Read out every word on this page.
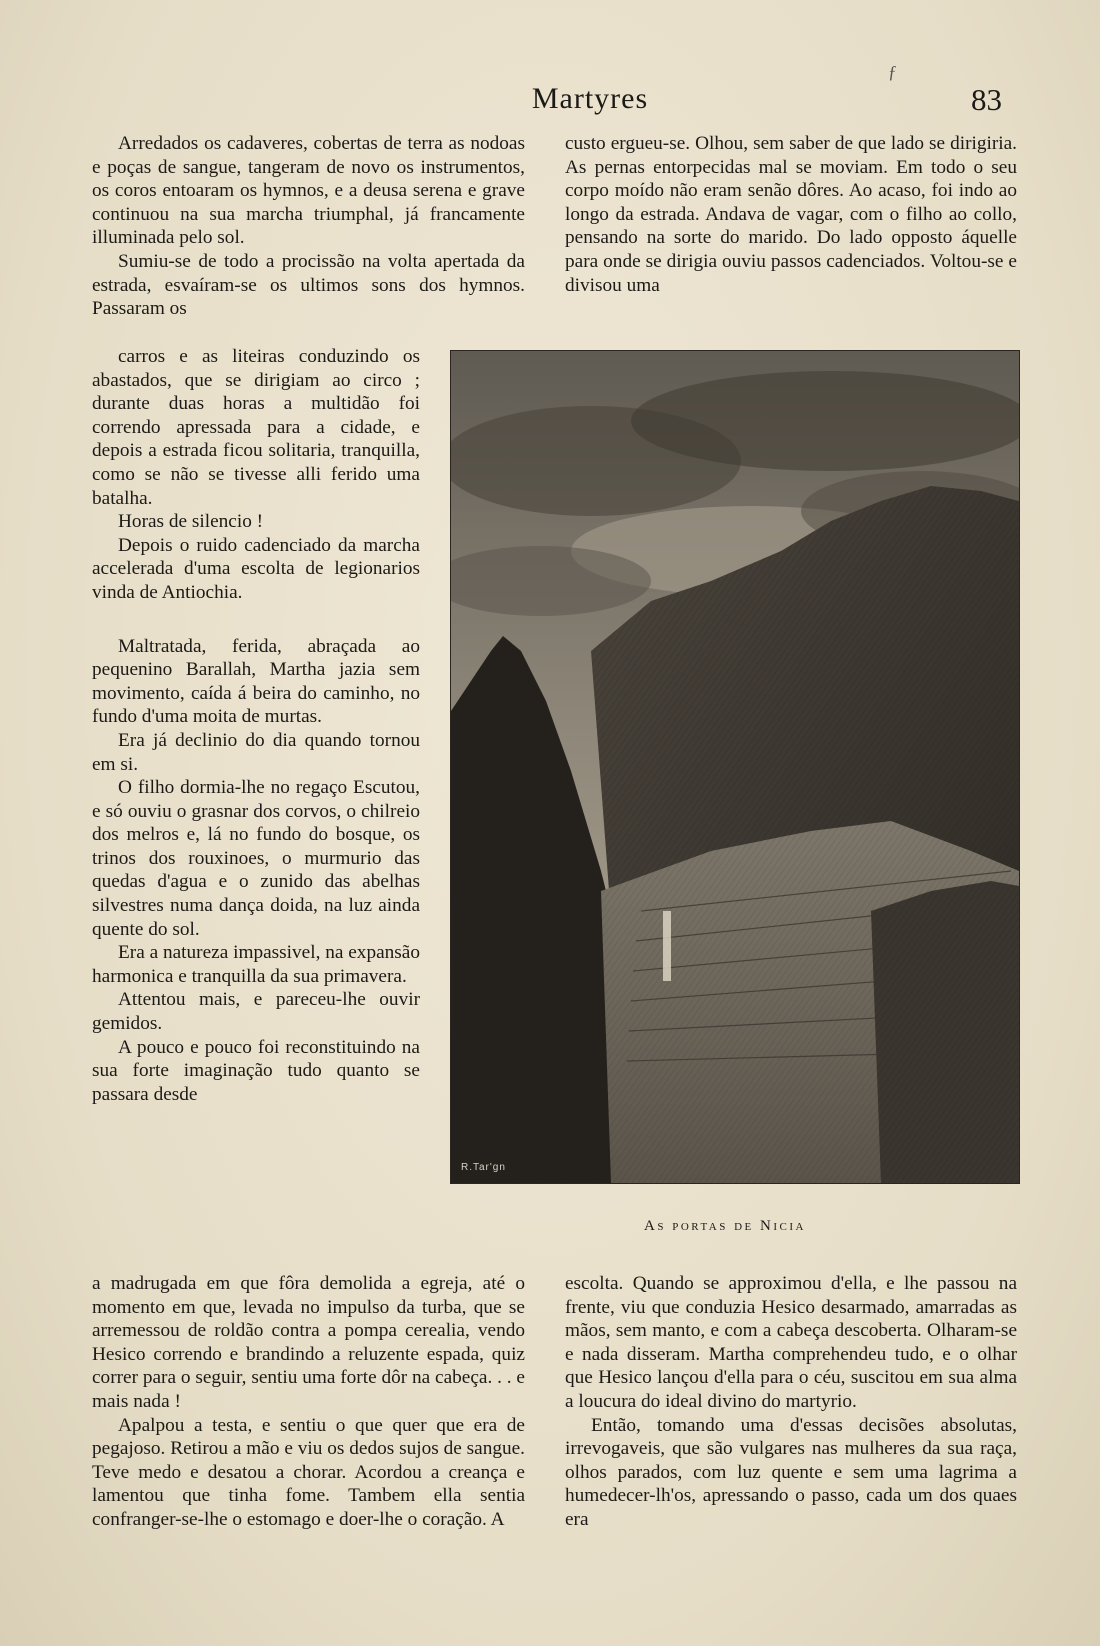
ƒ
Martyres	83

Arredados os cadaveres, cobertas de terra as nodoas e poças de sangue, tangeram de novo os instrumentos, os coros entoaram os hymnos, e a deusa serena e grave continuou na sua marcha triumphal, já francamente illuminada pelo sol.

Sumiu-se de todo a procissão na volta apertada da estrada, esvaíram-se os ultimos sons dos hymnos. Passaram os

carros e as liteiras conduzindo os abastados, que se dirigiam ao circo ; durante duas horas a multidão foi correndo apressada para a cidade, e depois a estrada ficou solitaria, tranquilla, como se não se tivesse alli ferido uma batalha.

Horas de silencio !

Depois o ruido cadenciado da marcha accelerada d'uma escolta de legionarios vinda de Antiochia.

Maltratada, ferida, abraçada ao pequenino Barallah, Martha jazia sem movimento, caída á beira do caminho, no fundo d'uma moita de murtas.

Era já declinio do dia quando tornou em si.

O filho dormia-lhe no regaço Escutou, e só ouviu o grasnar dos corvos, o chilreio dos melros e, lá no fundo do bosque, os trinos dos rouxinoes, o murmurio das quedas d'agua e o zunido das abelhas silvestres numa dança doida, na luz ainda quente do sol.

Era a natureza impassivel, na expansão harmonica e tranquilla da sua primavera.

Attentou mais, e pareceu-lhe ouvir gemidos.

A pouco e pouco foi reconstituindo na sua forte imaginação tudo quanto se passara desde

a madrugada em que fôra demolida a egreja, até o momento em que, levada no impulso da turba, que se arremessou de roldão contra a pompa cerealia, vendo Hesico correndo e brandindo a reluzente espada, quiz correr para o seguir, sentiu uma forte dôr na cabeça. . . e mais nada !

Apalpou a testa, e sentiu o que quer que era de pegajoso. Retirou a mão e viu os dedos sujos de sangue. Teve medo e desatou a chorar. Acordou a creança e lamentou que tinha fome. Tambem ella sentia confranger-se-lhe o estomago e doer-lhe o coração. A

custo ergueu-se. Olhou, sem saber de que lado se dirigiria. As pernas entorpecidas mal se moviam. Em todo o seu corpo moído não eram senão dôres. Ao acaso, foi indo ao longo da estrada. Andava de vagar, com o filho ao collo, pensando na sorte do marido. Do lado opposto áquelle para onde se dirigia ouviu passos cadenciados. Voltou-se e divisou uma

R.Tar'gn
As portas de Nicia

escolta. Quando se approximou d'ella, e lhe passou na frente, viu que conduzia Hesico desarmado, amarradas as mãos, sem manto, e com a cabeça descoberta. Olharam-se e nada disseram. Martha comprehendeu tudo, e o olhar que Hesico lançou d'ella para o céu, suscitou em sua alma a loucura do ideal divino do martyrio.

Então, tomando uma d'essas decisões absolutas, irrevogaveis, que são vulgares nas mulheres da sua raça, olhos parados, com luz quente e sem uma lagrima a humedecer-lh'os, apressando o passo, cada um dos quaes era
